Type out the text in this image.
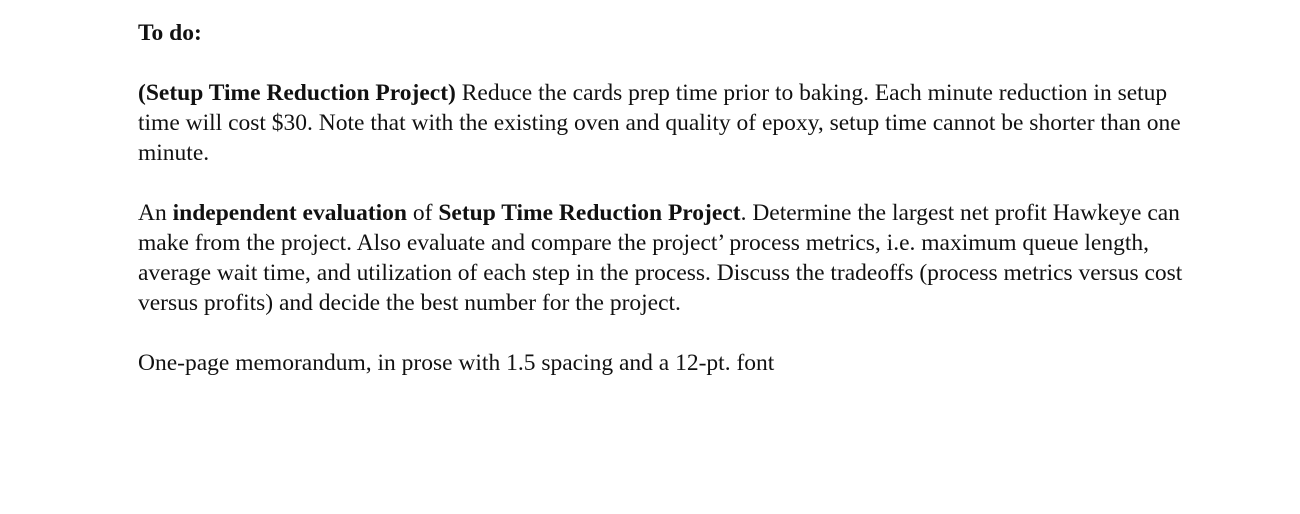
To do:

(Setup Time Reduction Project) Reduce the cards prep time prior to baking. Each minute reduction in setup time will cost $30. Note that with the existing oven and quality of epoxy, setup time cannot be shorter than one minute.

An independent evaluation of Setup Time Reduction Project. Determine the largest net profit Hawkeye can make from the project. Also evaluate and compare the project’ process metrics, i.e. maximum queue length, average wait time, and utilization of each step in the process. Discuss the tradeoffs (process metrics versus cost versus profits) and decide the best number for the project.

One-page memorandum, in prose with 1.5 spacing and a 12-pt. font
